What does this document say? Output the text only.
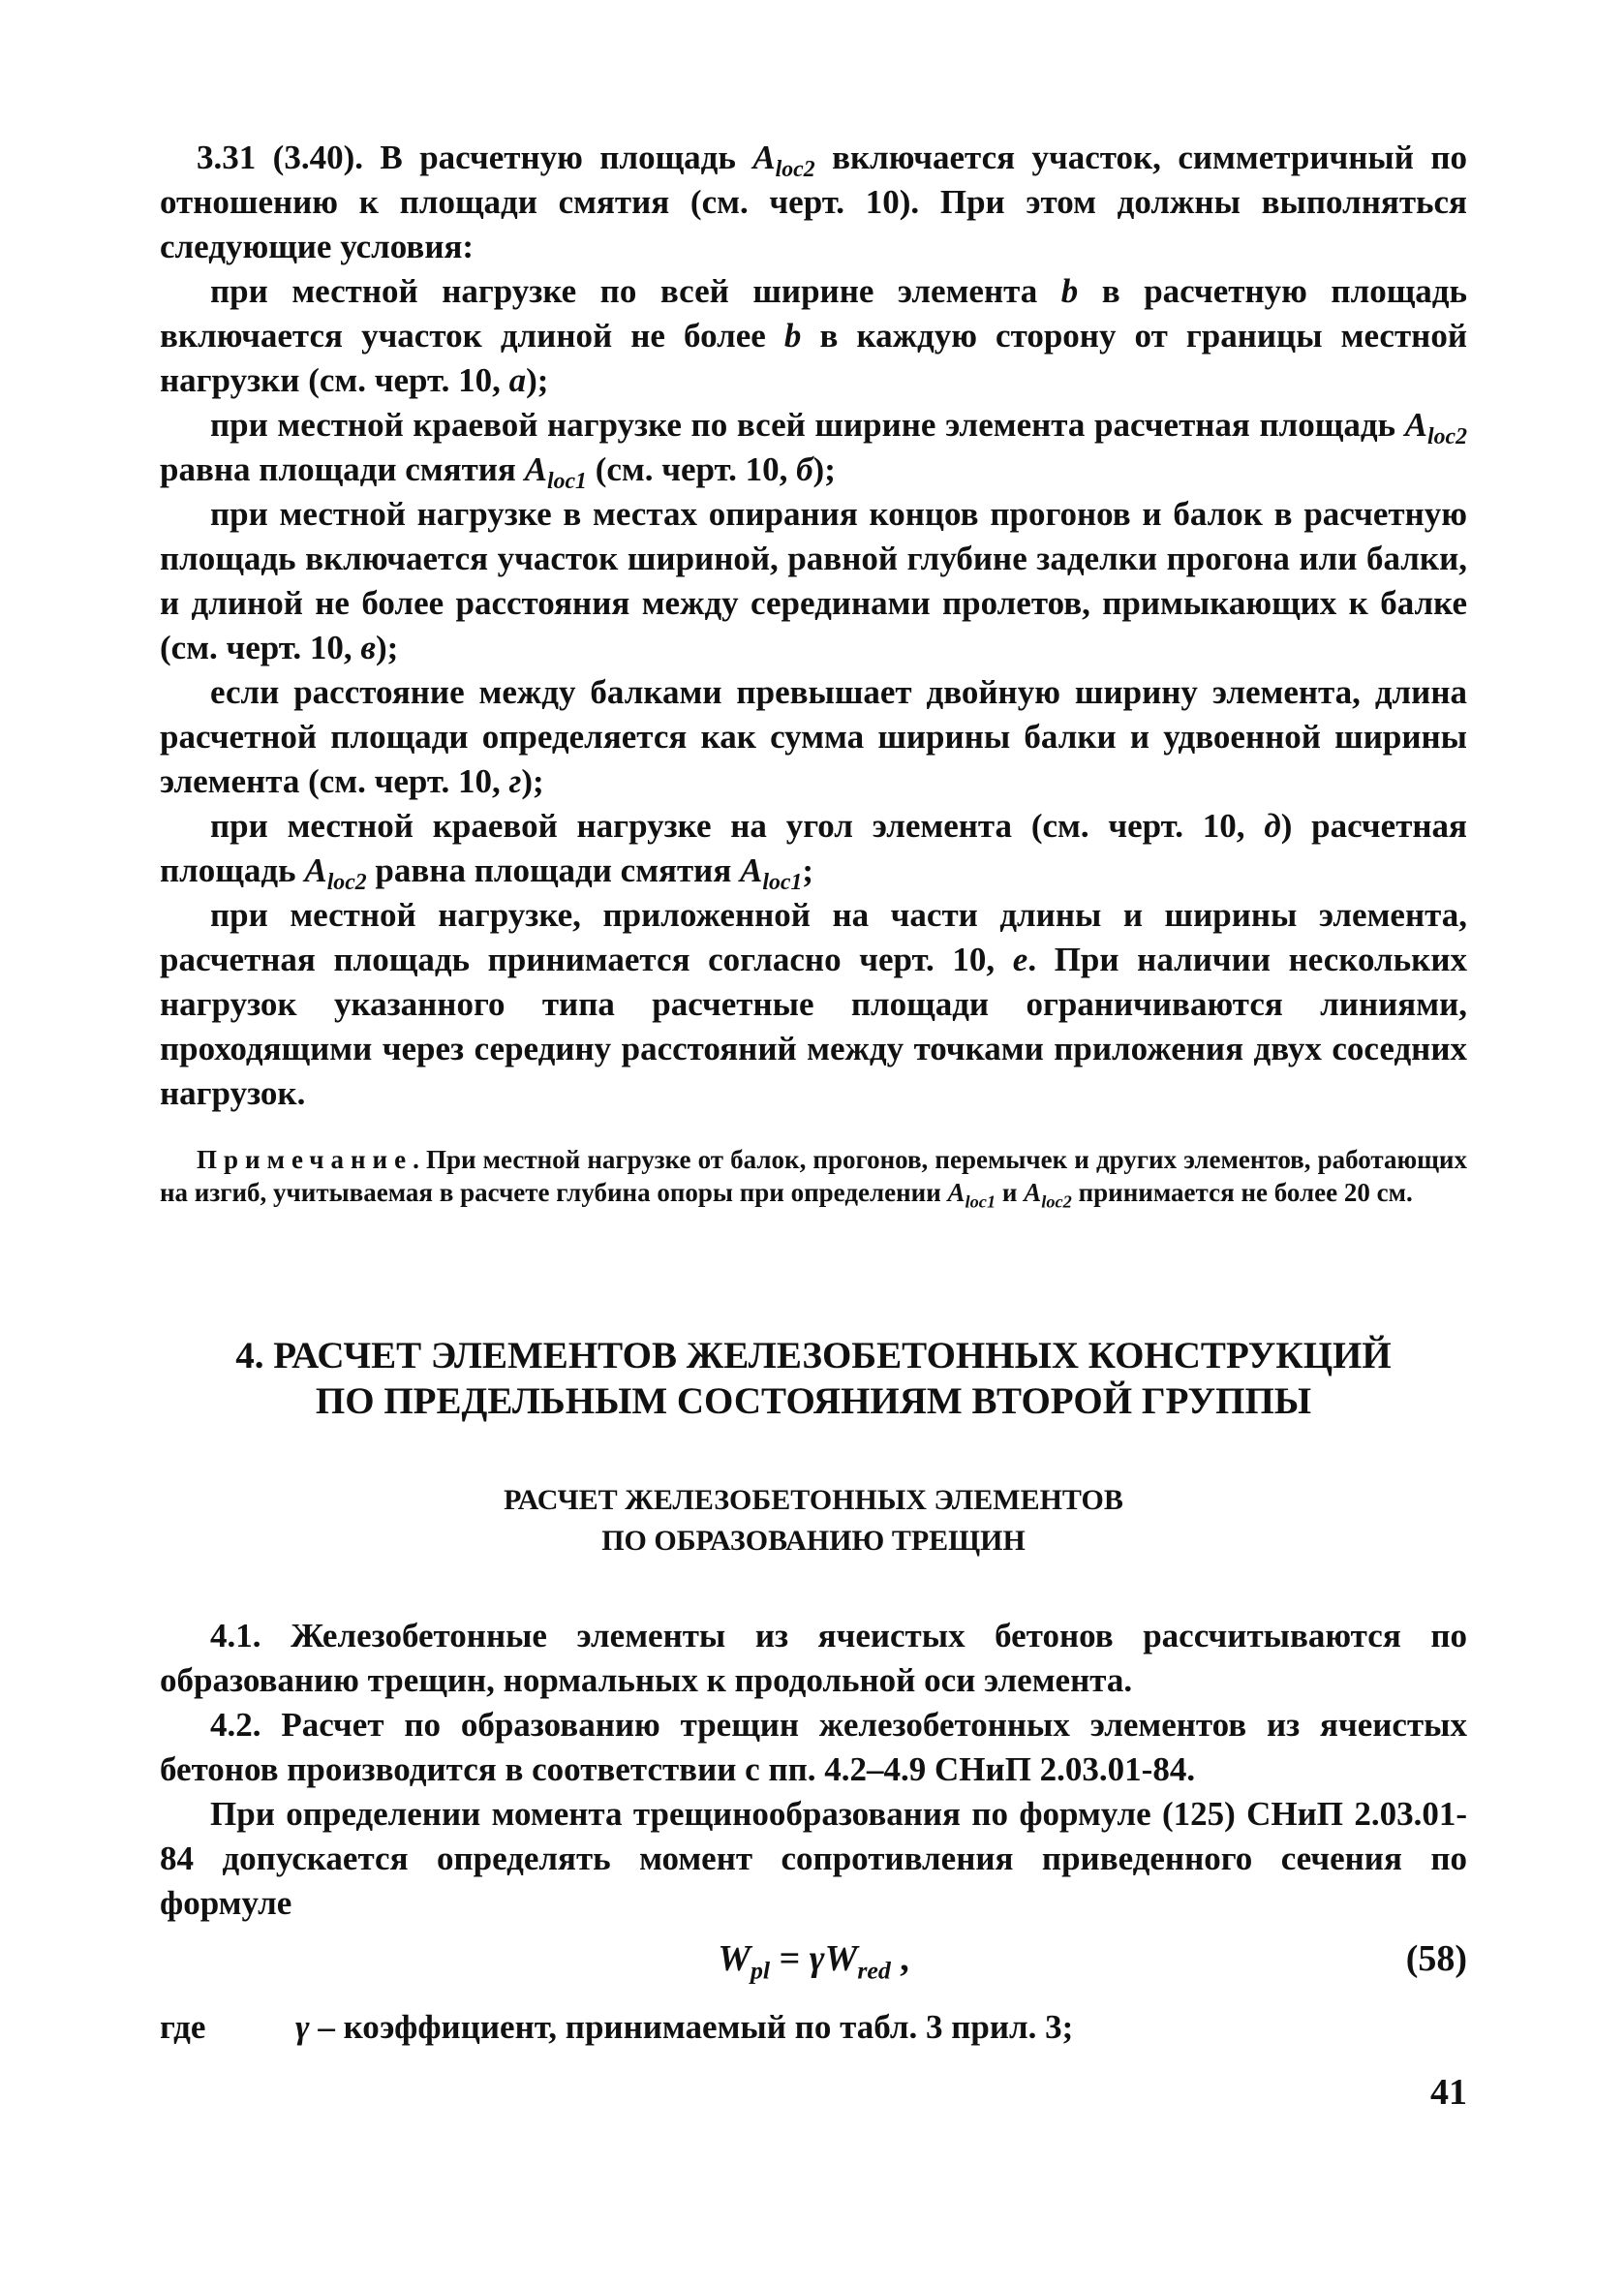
3.31 (3.40). В расчетную площадь $A_{loc2}$ включается участок, симметричный по отношению к площади смятия (см. черт. 10). При этом должны выполняться следующие условия:

при местной нагрузке по всей ширине элемента b в расчетную площадь включается участок длиной не более b в каждую сторону от границы местной нагрузки (см. черт. 10, а);

при местной краевой нагрузке по всей ширине элемента расчетная площадь $A_{loc2}$ равна площади смятия $A_{loc1}$ (см. черт. 10, б);

при местной нагрузке в местах опирания концов прогонов и балок в расчетную площадь включается участок шириной, равной глубине заделки прогона или балки, и длиной не более расстояния между серединами пролетов, примыкающих к балке (см. черт. 10, в);

если расстояние между балками превышает двойную ширину элемента, длина расчетной площади определяется как сумма ширины балки и удвоенной ширины элемента (см. черт. 10, г);

при местной краевой нагрузке на угол элемента (см. черт. 10, д) расчетная площадь $A_{loc2}$ равна площади смятия $A_{loc1}$;

при местной нагрузке, приложенной на части длины и ширины элемента, расчетная площадь принимается согласно черт. 10, е. При наличии нескольких нагрузок указанного типа расчетные площади ограничиваются линиями, проходящими через середину расстояний между точками приложения двух соседних нагрузок.

Примечание. При местной нагрузке от балок, прогонов, перемычек и других элементов, работающих на изгиб, учитываемая в расчете глубина опоры при определении $A_{loc1}$ и $A_{loc2}$ принимается не более 20 см.

4. РАСЧЕТ ЭЛЕМЕНТОВ ЖЕЛЕЗОБЕТОННЫХ КОНСТРУКЦИЙ
ПО ПРЕДЕЛЬНЫМ СОСТОЯНИЯМ ВТОРОЙ ГРУППЫ
РАСЧЕТ ЖЕЛЕЗОБЕТОННЫХ ЭЛЕМЕНТОВ
ПО ОБРАЗОВАНИЮ ТРЕЩИН

4.1. Железобетонные элементы из ячеистых бетонов рассчитываются по образованию трещин, нормальных к продольной оси элемента.

4.2. Расчет по образованию трещин железобетонных элементов из ячеистых бетонов производится в соответствии с пп. 4.2–4.9 СНиП 2.03.01-84.

При определении момента трещинообразования по формуле (125) СНиП 2.03.01-84 допускается определять момент сопротивления приведенного сечения по формуле

$W_{pl} = \gamma W_{red}$ ,	(58)
где	γ – коэффициент, принимаемый по табл. 3 прил. 3;
41
